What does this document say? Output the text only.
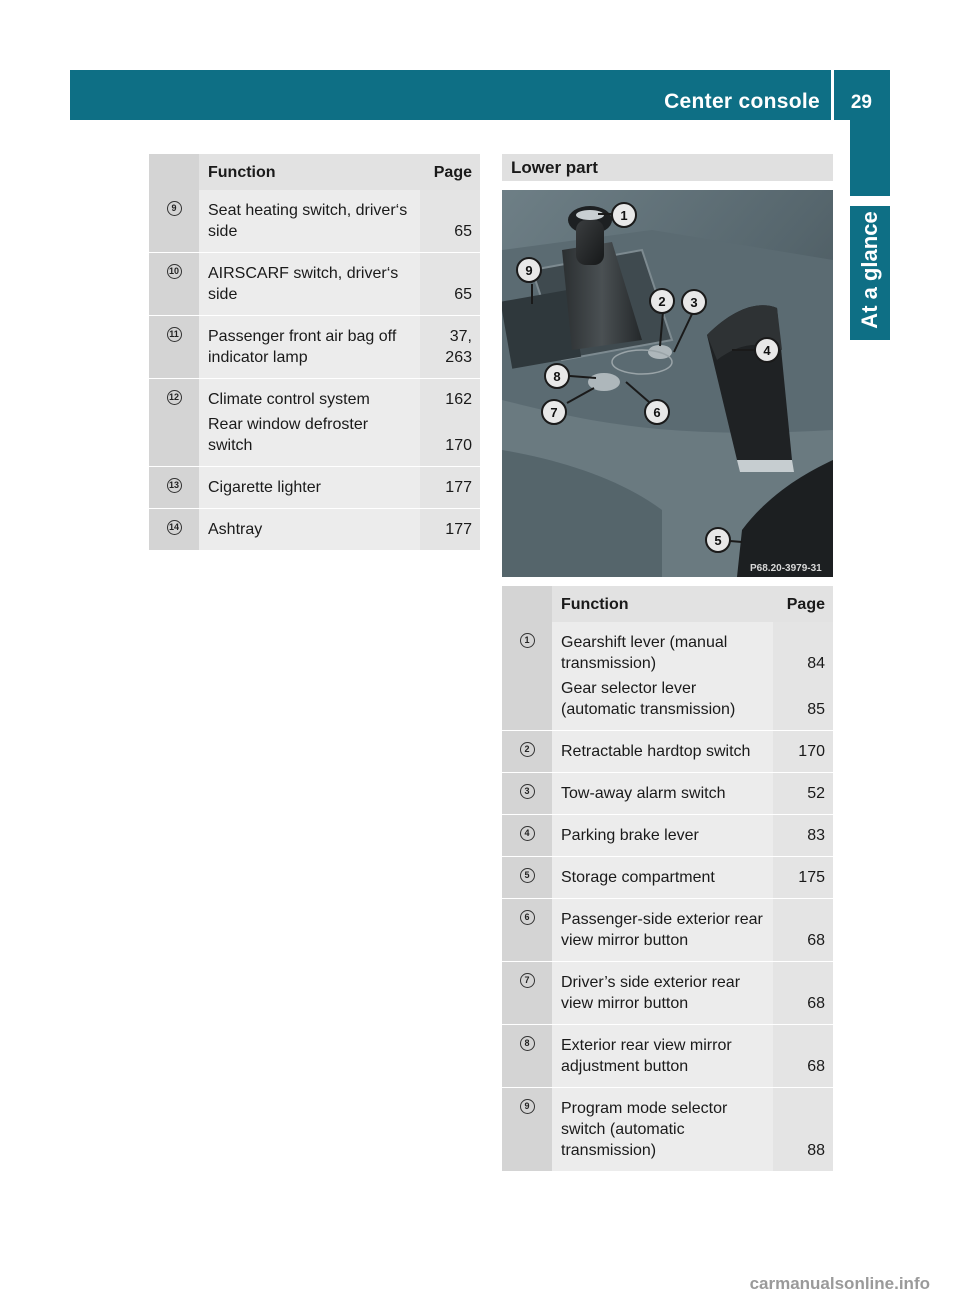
Center console 29
At a glance
	Function	Page

9	Seat heating switch, driver‘s side	65

10	AIRSCARF switch, driver‘s side	65

11	Passenger front air bag off indicator lamp	37, 263

12	Climate control system	162
	Rear window defroster switch	170

13	Cigarette lighter	177

14	Ashtray	177
Lower part
1
2 3
4
5
6
7
8
9
P68.20-3979-31
	Function	Page

1	Gearshift lever (manual transmission)	84
	Gear selector lever (automatic transmission)	85

2	Retractable hardtop switch	170

3	Tow-away alarm switch	52

4	Parking brake lever	83

5	Storage compartment	175

6	Passenger-side exterior rear view mirror button	68

7	Driver’s side exterior rear view mirror button	68

8	Exterior rear view mirror adjustment button	68

9	Program mode selector switch (automatic transmission)	88
carmanualsonline.info
